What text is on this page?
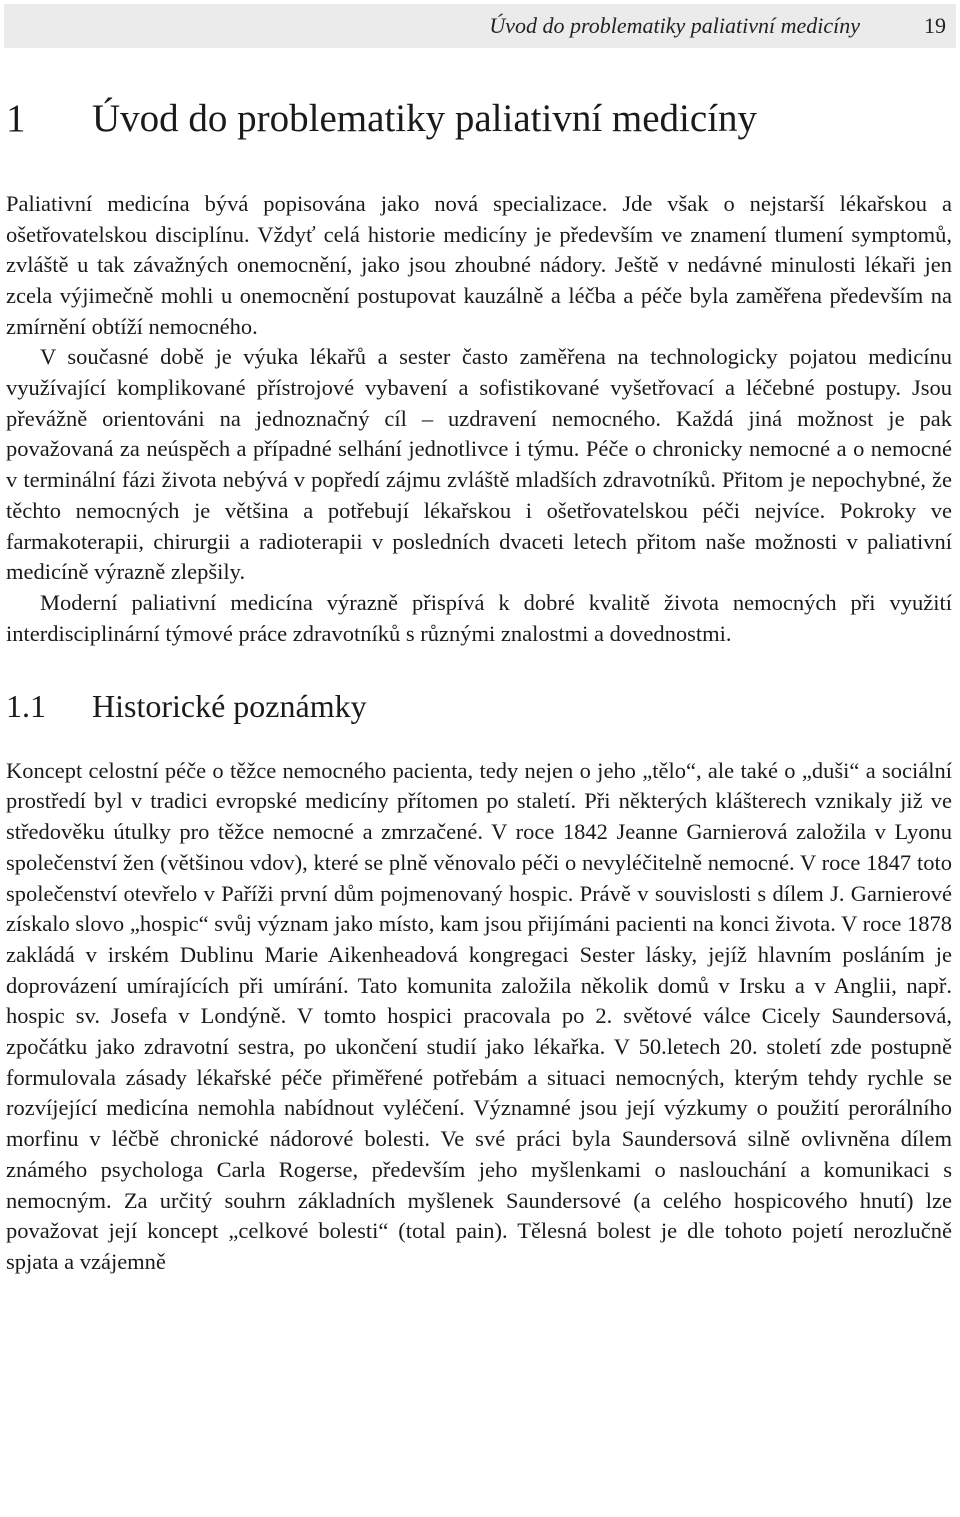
Úvod do problematiky paliativní medicíny	19
1	Úvod do problematiky paliativní medicíny

Paliativní medicína bývá popisována jako nová specializace. Jde však o nejstarší lékařskou a ošetřovatelskou disciplínu. Vždyť celá historie medicíny je především ve znamení tlumení symptomů, zvláště u tak závažných onemocnění, jako jsou zhoubné nádory. Ještě v nedávné minulosti lékaři jen zcela výjimečně mohli u onemocnění postupovat kauzálně a léčba a péče byla zaměřena především na zmírnění obtíží nemocného.

V současné době je výuka lékařů a sester často zaměřena na technologicky pojatou medicínu využívající komplikované přístrojové vybavení a sofistikované vyšetřovací a léčebné postupy. Jsou převážně orientováni na jednoznačný cíl – uzdravení nemocného. Každá jiná možnost je pak považovaná za neúspěch a případné selhání jednotlivce i týmu. Péče o chronicky nemocné a o nemocné v terminální fázi života nebývá v popředí zájmu zvláště mladších zdravotníků. Přitom je nepochybné, že těchto nemocných je většina a potřebují lékařskou i ošetřovatelskou péči nejvíce. Pokroky ve farmakoterapii, chirurgii a radioterapii v posledních dvaceti letech přitom naše možnosti v paliativní medicíně výrazně zlepšily.

Moderní paliativní medicína výrazně přispívá k dobré kvalitě života nemocných při využití interdisciplinární týmové práce zdravotníků s různými znalostmi a dovednostmi.

1.1	Historické poznámky

Koncept celostní péče o těžce nemocného pacienta, tedy nejen o jeho „tělo“, ale také o „duši“ a sociální prostředí byl v tradici evropské medicíny přítomen po staletí. Při některých klášterech vznikaly již ve středověku útulky pro těžce nemocné a zmrzačené. V roce 1842 Jeanne Garnierová založila v Lyonu společenství žen (většinou vdov), které se plně věnovalo péči o nevyléčitelně nemocné. V roce 1847 toto společenství otevřelo v Paříži první dům pojmenovaný hospic. Právě v souvislosti s dílem J. Garnierové získalo slovo „hospic“ svůj význam jako místo, kam jsou přijímáni pacienti na konci života. V roce 1878 zakládá v irském Dublinu Marie Aikenheadová kongregaci Sester lásky, jejíž hlavním posláním je doprovázení umírajících při umírání. Tato komunita založila několik domů v Irsku a v Anglii, např. hospic sv. Josefa v Londýně. V tomto hospici pracovala po 2. světové válce Cicely Saundersová, zpočátku jako zdravotní sestra, po ukončení studií jako lékařka. V 50.letech 20. století zde postupně formulovala zásady lékařské péče přiměřené potřebám a situaci nemocných, kterým tehdy rychle se rozvíjející medicína nemohla nabídnout vyléčení. Významné jsou její výzkumy o použití perorálního morfinu v léčbě chronické nádorové bolesti. Ve své práci byla Saundersová silně ovlivněna dílem známého psychologa Carla Rogerse, především jeho myšlenkami o naslouchání a komunikaci s nemocným. Za určitý souhrn základních myšlenek Saundersové (a celého hospicového hnutí) lze považovat její koncept „celkové bolesti“ (total pain). Tělesná bolest je dle tohoto pojetí nerozlučně spjata a vzájemně
